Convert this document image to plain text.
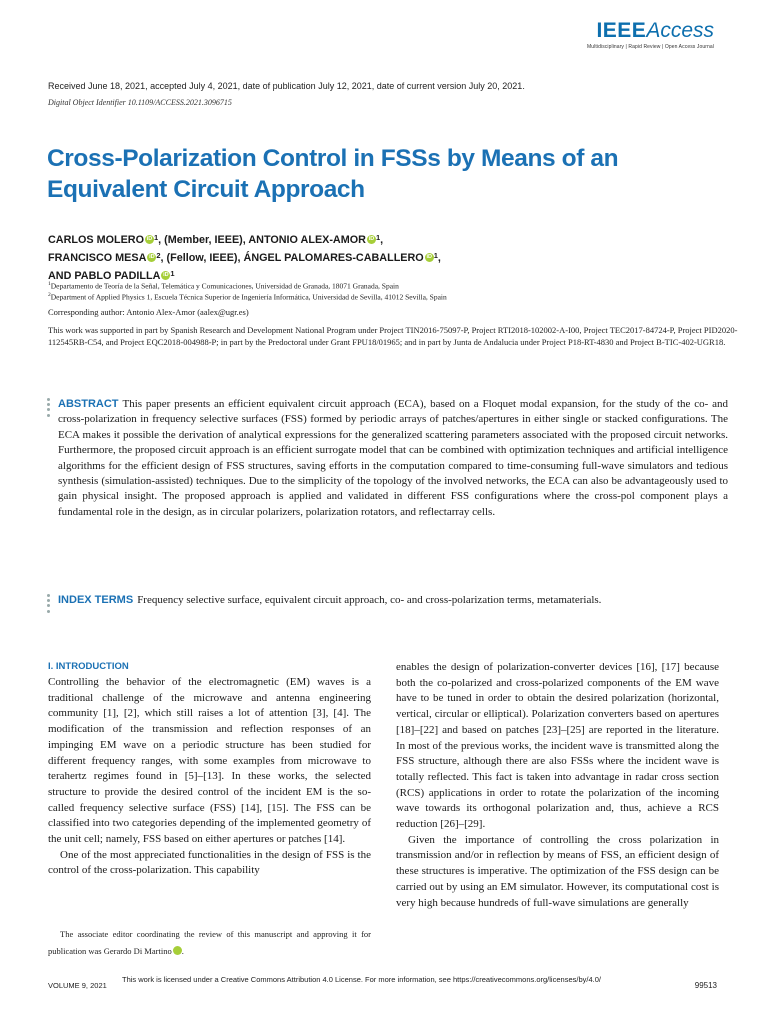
IEEEAccess
Multidisciplinary | Rapid Review | Open Access Journal
Received June 18, 2021, accepted July 4, 2021, date of publication July 12, 2021, date of current version July 20, 2021.
Digital Object Identifier 10.1109/ACCESS.2021.3096715
Cross-Polarization Control in FSSs by Means of an Equivalent Circuit Approach
CARLOS MOLERO iD $^1$, (Member, IEEE), ANTONIO ALEX-AMOR iD $^1$,
FRANCISCO MESA iD $^2$, (Fellow, IEEE), ÁNGEL PALOMARES-CABALLERO iD $^1$,
AND PABLO PADILLA iD $^1$
$^1$Departamento de Teoría de la Señal, Telemática y Comunicaciones, Universidad de Granada, 18071 Granada, Spain
$^2$Department of Applied Physics 1, Escuela Técnica Superior de Ingeniería Informática, Universidad de Sevilla, 41012 Sevilla, Spain
Corresponding author: Antonio Alex-Amor (aalex@ugr.es)
This work was supported in part by Spanish Research and Development National Program under Project TIN2016-75097-P, Project RTI2018-102002-A-I00, Project TEC2017-84724-P, Project PID2020-112545RB-C54, and Project EQC2018-004988-P; in part by the Predoctoral under Grant FPU18/01965; and in part by Junta de Andalucia under Project P18-RT-4830 and Project B-TIC-402-UGR18.
ABSTRACT This paper presents an efficient equivalent circuit approach (ECA), based on a Floquet modal expansion, for the study of the co- and cross-polarization in frequency selective surfaces (FSS) formed by periodic arrays of patches/apertures in either single or stacked configurations. The ECA makes it possible the derivation of analytical expressions for the generalized scattering parameters associated with the proposed circuit networks. Furthermore, the proposed circuit approach is an efficient surrogate model that can be combined with optimization techniques and artificial intelligence algorithms for the efficient design of FSS structures, saving efforts in the computation compared to time-consuming full-wave simulators and tedious synthesis (simulation-assisted) techniques. Due to the simplicity of the topology of the involved networks, the ECA can also be advantageously used to gain physical insight. The proposed approach is applied and validated in different FSS configurations where the cross-pol component plays a fundamental role in the design, as in circular polarizers, polarization rotators, and reflectarray cells.
INDEX TERMS Frequency selective surface, equivalent circuit approach, co- and cross-polarization terms, metamaterials.
I. INTRODUCTION

Controlling the behavior of the electromagnetic (EM) waves is a traditional challenge of the microwave and antenna engineering community [1], [2], which still raises a lot of attention [3], [4]. The modification of the transmission and reflection responses of an impinging EM wave on a periodic structure has been studied for different frequency ranges, with some examples from microwave to terahertz regimes found in [5]–[13]. In these works, the selected structure to provide the desired control of the incident EM is the so-called frequency selective surface (FSS) [14], [15]. The FSS can be classified into two categories depending of the implemented geometry of the unit cell; namely, FSS based on either apertures or patches [14].

One of the most appreciated functionalities in the design of FSS is the control of the cross-polarization. This capability

enables the design of polarization-converter devices [16], [17] because both the co-polarized and cross-polarized components of the EM wave have to be tuned in order to obtain the desired polarization (horizontal, vertical, circular or elliptical). Polarization converters based on apertures [18]–[22] and based on patches [23]–[25] are reported in the literature. In most of the previous works, the incident wave is transmitted along the FSS structure, although there are also FSSs where the incident wave is totally reflected. This fact is taken into advantage in radar cross section (RCS) applications in order to rotate the polarization of the incoming wave towards its orthogonal polarization and, thus, achieve a RCS reduction [26]–[29].

Given the importance of controlling the cross polarization in transmission and/or in reflection by means of FSS, an efficient design of these structures is imperative. The optimization of the FSS design can be carried out by using an EM simulator. However, its computational cost is very high because hundreds of full-wave simulations are generally

The associate editor coordinating the review of this manuscript and approving it for publication was Gerardo Di Martino iD.
VOLUME 9, 2021
This work is licensed under a Creative Commons Attribution 4.0 License. For more information, see https://creativecommons.org/licenses/by/4.0/
99513
